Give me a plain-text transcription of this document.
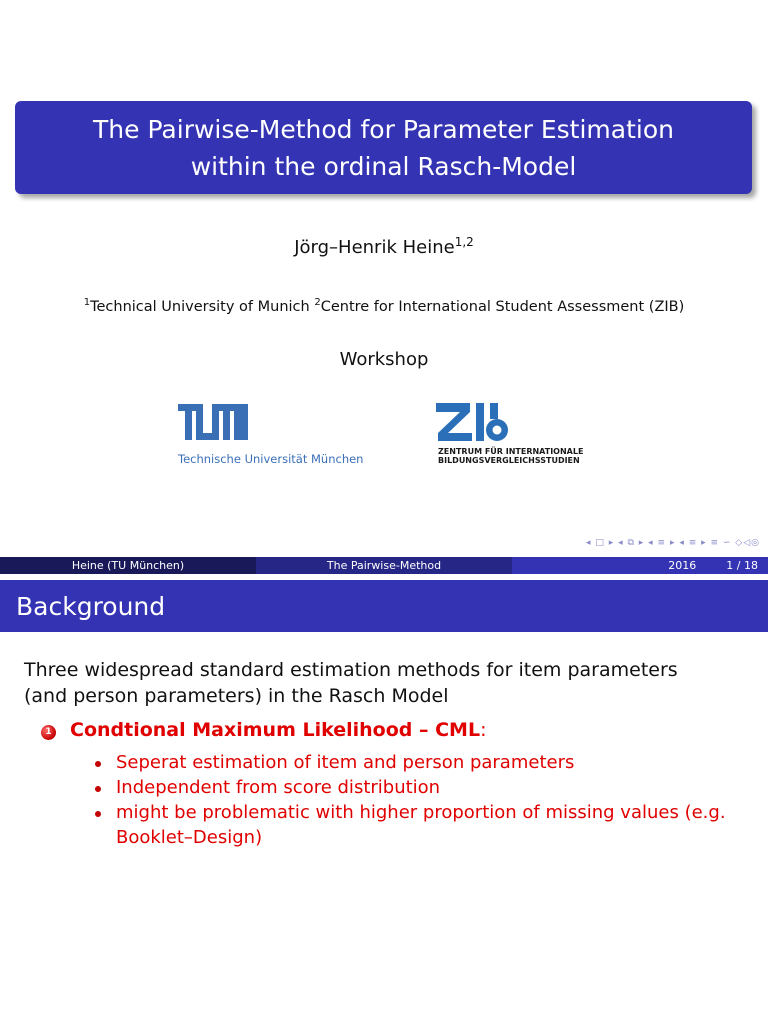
The Pairwise-Method for Parameter Estimation
within the ordinal Rasch-Model
Jörg–Henrik Heine$^{1,2}$
$^1$Technical University of Munich $^2$Centre for International Student Assessment (ZIB)
Workshop
Technische Universität München
ZENTRUM FÜR INTERNATIONALE
BILDUNGSVERGLEICHSSTUDIEN
◂ □ ▸ ◂ ⧉ ▸ ◂ ≡ ▸ ◂ ≡ ▸ ≡ ∽ ◇◁◎
Heine (TU München)	The Pairwise-Method	2016	1 / 18
Background
Three widespread standard estimation methods for item parameters
(and person parameters) in the Rasch Model
1 Condtional Maximum Likelihood – CML:
Seperat estimation of item and person parameters
Independent from score distribution
might be problematic with higher proportion of missing values (e.g. Booklet–Design)
